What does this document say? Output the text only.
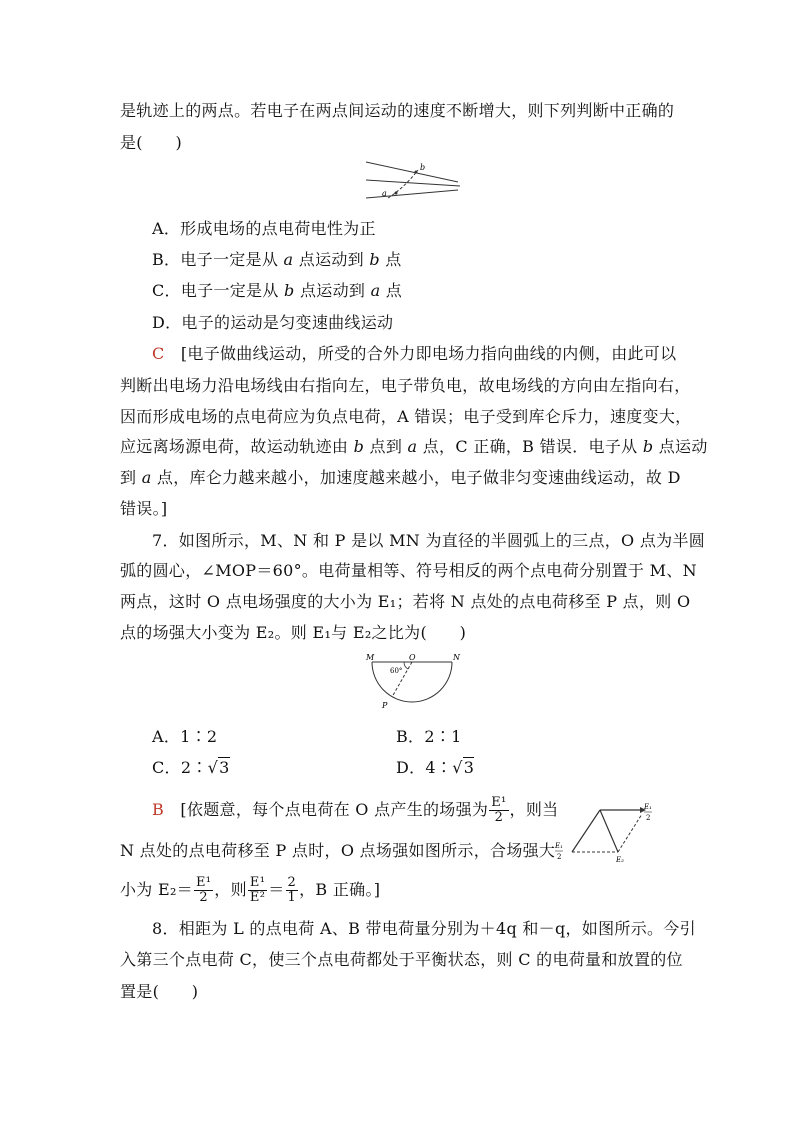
是轨迹上的两点。若电子在两点间运动的速度不断增大，则下列判断中正确的
是(　　)
b
a
A．形成电场的点电荷电性为正
B．电子一定是从 a 点运动到 b 点
C．电子一定是从 b 点运动到 a 点
D．电子的运动是匀变速曲线运动
C　 [电子做曲线运动，所受的合外力即电场力指向曲线的内侧，由此可以
判断出电场力沿电场线由右指向左，电子带负电，故电场线的方向由左指向右，
因而形成电场的点电荷应为负点电荷，A 错误；电子受到库仑斥力，速度变大，
应远离场源电荷，故运动轨迹由 b 点到 a 点，C 正确，B 错误．电子从 b 点运动
到 a 点，库仑力越来越小，加速度越来越小，电子做非匀变速曲线运动，故 D
错误。]
7．如图所示，M、N 和 P 是以 MN 为直径的半圆弧上的三点，O 点为半圆
弧的圆心，∠MOP＝60°。电荷量相等、符号相反的两个点电荷分别置于 M、N
两点，这时 O 点电场强度的大小为 E₁；若将 N 点处的点电荷移至 P 点，则 O
点的场强大小变为 E₂。则 E₁与 E₂之比为(　　)
M	O	N
60°
P
A．1∶2	B．2∶1
C．2∶√3	D．4∶√3
B　 [依题意，每个点电荷在 O 点产生的场强为 $\frac{\text{E¹}}{2}$ ，则当
N 点处的点电荷移至 P 点时，O 点场强如图所示，合场强大
小为 $E_2= \frac{\text{E¹}}{2}$ ，则 $\frac{\text{E¹}}{\text{E²}} = \frac{2}{1}$ ，B 正确。]
E₁
2
E₁
2	E₂
8．相距为 L 的点电荷 A、B 带电荷量分别为＋4q 和－q，如图所示。今引
入第三个点电荷 C，使三个点电荷都处于平衡状态，则 C 的电荷量和放置的位
置是(　　)
